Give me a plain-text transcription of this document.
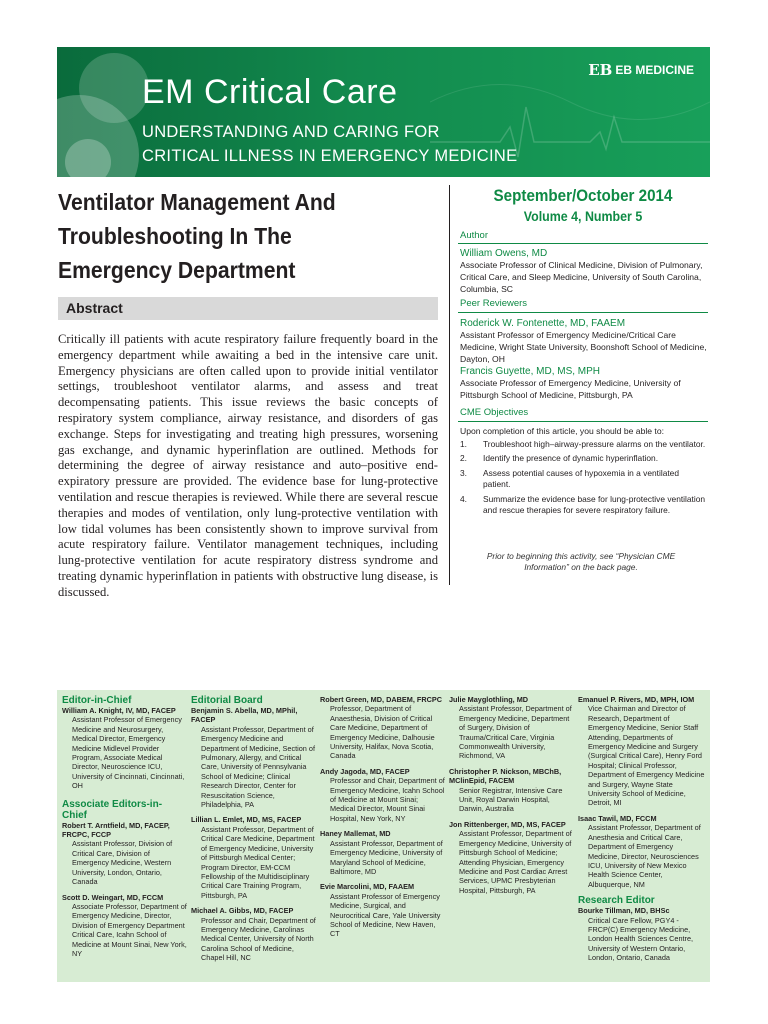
EB EB MEDICINE
EM Critical Care
UNDERSTANDING AND CARING FOR
CRITICAL ILLNESS IN EMERGENCY MEDICINE
Ventilator Management And
Troubleshooting In The
Emergency Department
Abstract
Critically ill patients with acute respiratory failure frequently board in the emergency department while awaiting a bed in the intensive care unit. Emergency physicians are often called upon to provide initial ventilator settings, troubleshoot ventilator alarms, and assess and treat decompensating patients. This issue reviews the basic concepts of respiratory system compliance, airway resistance, and disorders of gas exchange. Steps for investigating and treating high pressures, worsening gas exchange, and dynamic hyperinflation are outlined. Methods for determining the degree of airway resistance and auto–positive end-expiratory pressure are provided. The evidence base for lung-protective ventilation and rescue therapies is reviewed. While there are several rescue therapies and modes of ventilation, only lung-protective ventilation with low tidal volumes has been consistently shown to improve survival from acute respiratory failure. Ventilator management techniques, including lung-protective ventilation for acute respiratory distress syndrome and treating dynamic hyperinflation in patients with obstructive lung disease, is discussed.
September/October 2014
Volume 4, Number 5
Author
William Owens, MD
Associate Professor of Clinical Medicine, Division of Pulmonary, Critical Care, and Sleep Medicine, University of South Carolina, Columbia, SC
Peer Reviewers
Roderick W. Fontenette, MD, FAAEM
Assistant Professor of Emergency Medicine/Critical Care Medicine, Wright State University, Boonshoft School of Medicine, Dayton, OH
Francis Guyette, MD, MS, MPH
Associate Professor of Emergency Medicine, University of Pittsburgh School of Medicine, Pittsburgh, PA
CME Objectives
Upon completion of this article, you should be able to:
1.	Troubleshoot high–airway-pressure alarms on the ventilator.
2.	Identify the presence of dynamic hyperinflation.
3.	Assess potential causes of hypoxemia in a ventilated patient.
4.	Summarize the evidence base for lung-protective ventilation and rescue therapies for severe respiratory failure.
Prior to beginning this activity, see “Physician CME Information” on the back page.
Editor-in-Chief
William A. Knight, IV, MD, FACEP
Assistant Professor of Emergency Medicine and Neurosurgery, Medical Director, Emergency Medicine Midlevel Provider Program, Associate Medical Director, Neuroscience ICU, University of Cincinnati, Cincinnati, OH
Associate Editors-in-Chief
Robert T. Arntfield, MD, FACEP, FRCPC, FCCP
Assistant Professor, Division of Critical Care, Division of Emergency Medicine, Western University, London, Ontario, Canada
Scott D. Weingart, MD, FCCM
Associate Professor, Department of Emergency Medicine, Director, Division of Emergency Department Critical Care, Icahn School of Medicine at Mount Sinai, New York, NY
Editorial Board
Benjamin S. Abella, MD, MPhil, FACEP
Assistant Professor, Department of Emergency Medicine and Department of Medicine, Section of Pulmonary, Allergy, and Critical Care, University of Pennsylvania School of Medicine; Clinical Research Director, Center for Resuscitation Science, Philadelphia, PA
Lillian L. Emlet, MD, MS, FACEP
Assistant Professor, Department of Critical Care Medicine, Department of Emergency Medicine, University of Pittsburgh Medical Center; Program Director, EM-CCM Fellowship of the Multidisciplinary Critical Care Training Program, Pittsburgh, PA
Michael A. Gibbs, MD, FACEP
Professor and Chair, Department of Emergency Medicine, Carolinas Medical Center, University of North Carolina School of Medicine, Chapel Hill, NC
Robert Green, MD, DABEM, FRCPC
Professor, Department of Anaesthesia, Division of Critical Care Medicine, Department of Emergency Medicine, Dalhousie University, Halifax, Nova Scotia, Canada
Andy Jagoda, MD, FACEP
Professor and Chair, Department of Emergency Medicine, Icahn School of Medicine at Mount Sinai; Medical Director, Mount Sinai Hospital, New York, NY
Haney Mallemat, MD
Assistant Professor, Department of Emergency Medicine, University of Maryland School of Medicine, Baltimore, MD
Evie Marcolini, MD, FAAEM
Assistant Professor of Emergency Medicine, Surgical, and Neurocritical Care, Yale University School of Medicine, New Haven, CT
Julie Mayglothling, MD
Assistant Professor, Department of Emergency Medicine, Department of Surgery, Division of Trauma/Critical Care, Virginia Commonwealth University, Richmond, VA
Christopher P. Nickson, MBChB, MClinEpid, FACEM
Senior Registrar, Intensive Care Unit, Royal Darwin Hospital, Darwin, Australia
Jon Rittenberger, MD, MS, FACEP
Assistant Professor, Department of Emergency Medicine, University of Pittsburgh School of Medicine; Attending Physician, Emergency Medicine and Post Cardiac Arrest Services, UPMC Presbyterian Hospital, Pittsburgh, PA
Emanuel P. Rivers, MD, MPH, IOM
Vice Chairman and Director of Research, Department of Emergency Medicine, Senior Staff Attending, Departments of Emergency Medicine and Surgery (Surgical Critical Care), Henry Ford Hospital; Clinical Professor, Department of Emergency Medicine and Surgery, Wayne State University School of Medicine, Detroit, MI
Isaac Tawil, MD, FCCM
Assistant Professor, Department of Anesthesia and Critical Care, Department of Emergency Medicine, Director, Neurosciences ICU, University of New Mexico Health Science Center, Albuquerque, NM
Research Editor
Bourke Tillman, MD, BHSc
Critical Care Fellow, PGY4 - FRCP(C) Emergency Medicine, London Health Sciences Centre, University of Western Ontario, London, Ontario, Canada
